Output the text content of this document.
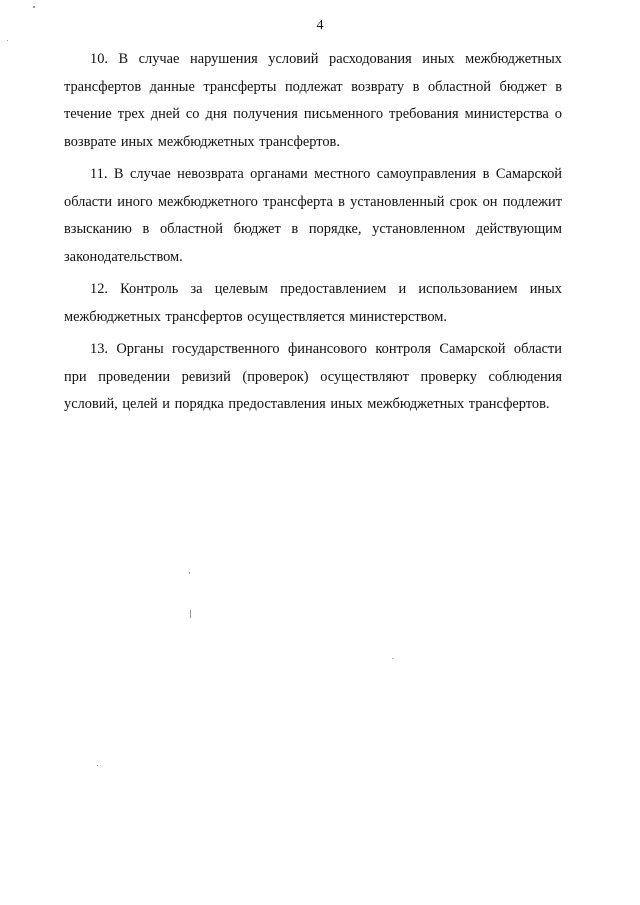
4

10. В случае нарушения условий расходования иных межбюджетных трансфертов данные трансферты подлежат возврату в областной бюджет в течение трех дней со дня получения письменного требования министерства о возврате иных межбюджетных трансфертов.

11. В случае невозврата органами местного самоуправления в Самарской области иного межбюджетного трансферта в установленный срок он подлежит взысканию в областной бюджет в порядке, установленном действующим законодательством.

12. Контроль за целевым предоставлением и использованием иных межбюджетных трансфертов осуществляется министерством.

13. Органы государственного финансового контроля Самарской области при проведении ревизий (проверок) осуществляют проверку соблюдения условий, целей и порядка предоставления иных межбюджетных трансфертов.
